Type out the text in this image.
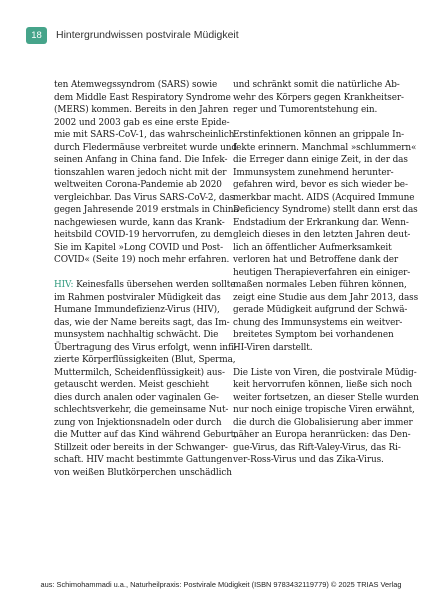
18	Hintergrundwissen postvirale Müdigkeit
ten Atemwegssyndrom (SARS) sowie
dem Middle East Respiratory Syndrome
(MERS) kommen. Bereits in den Jahren
2002 und 2003 gab es eine erste Epide-
mie mit SARS-CoV-1, das wahrscheinlich
durch Fledermäuse verbreitet wurde und
seinen Anfang in China fand. Die Infek-
tionszahlen waren jedoch nicht mit der
weltweiten Corona-Pandemie ab 2020
vergleichbar. Das Virus SARS-CoV-2, das
gegen Jahresende 2019 erstmals in China
nachgewiesen wurde, kann das Krank-
heitsbild COVID-19 hervorrufen, zu dem
Sie im Kapitel »Long COVID und Post-
COVID« (Seite 19) noch mehr erfahren.
HIV: Keinesfalls übersehen werden sollte
im Rahmen postviraler Müdigkeit das
Humane Immundefizienz-Virus (HIV),
das, wie der Name bereits sagt, das Im-
munsystem nachhaltig schwächt. Die
Übertragung des Virus erfolgt, wenn infi-
zierte Körperflüssigkeiten (Blut, Sperma,
Muttermilch, Scheidenflüssigkeit) aus-
getauscht werden. Meist geschieht
dies durch analen oder vaginalen Ge-
schlechtsverkehr, die gemeinsame Nut-
zung von Injektionsnadeln oder durch
die Mutter auf das Kind während Geburt,
Stillzeit oder bereits in der Schwanger-
schaft. HIV macht bestimmte Gattungen
von weißen Blutkörperchen unschädlich
und schränkt somit die natürliche Ab-
wehr des Körpers gegen Krankheitser-
reger und Tumorentstehung ein.
Erstinfektionen können an grippale In-
fekte erinnern. Manchmal »schlummern«
die Erreger dann einige Zeit, in der das
Immunsystem zunehmend herunter-
gefahren wird, bevor es sich wieder be-
merkbar macht. AIDS (Acquired Immune
Deficiency Syndrome) stellt dann erst das
Endstadium der Erkrankung dar. Wenn-
gleich dieses in den letzten Jahren deut-
lich an öffentlicher Aufmerksamkeit
verloren hat und Betroffene dank der
heutigen Therapieverfahren ein einiger-
maßen normales Leben führen können,
zeigt eine Studie aus dem Jahr 2013, dass
gerade Müdigkeit aufgrund der Schwä-
chung des Immunsystems ein weitver-
breitetes Symptom bei vorhandenen
HI-Viren darstellt.
Die Liste von Viren, die postvirale Müdig-
keit hervorrufen können, ließe sich noch
weiter fortsetzen, an dieser Stelle wurden
nur noch einige tropische Viren erwähnt,
die durch die Globalisierung aber immer
näher an Europa heranrücken: das Den-
gue-Virus, das Rift-Valey-Virus, das Ri-
ver-Ross-Virus und das Zika-Virus.
aus: Schimohammadi u.a., Naturheilpraxis: Postvirale Müdigkeit (ISBN 9783432119779) © 2025 TRIAS Verlag
